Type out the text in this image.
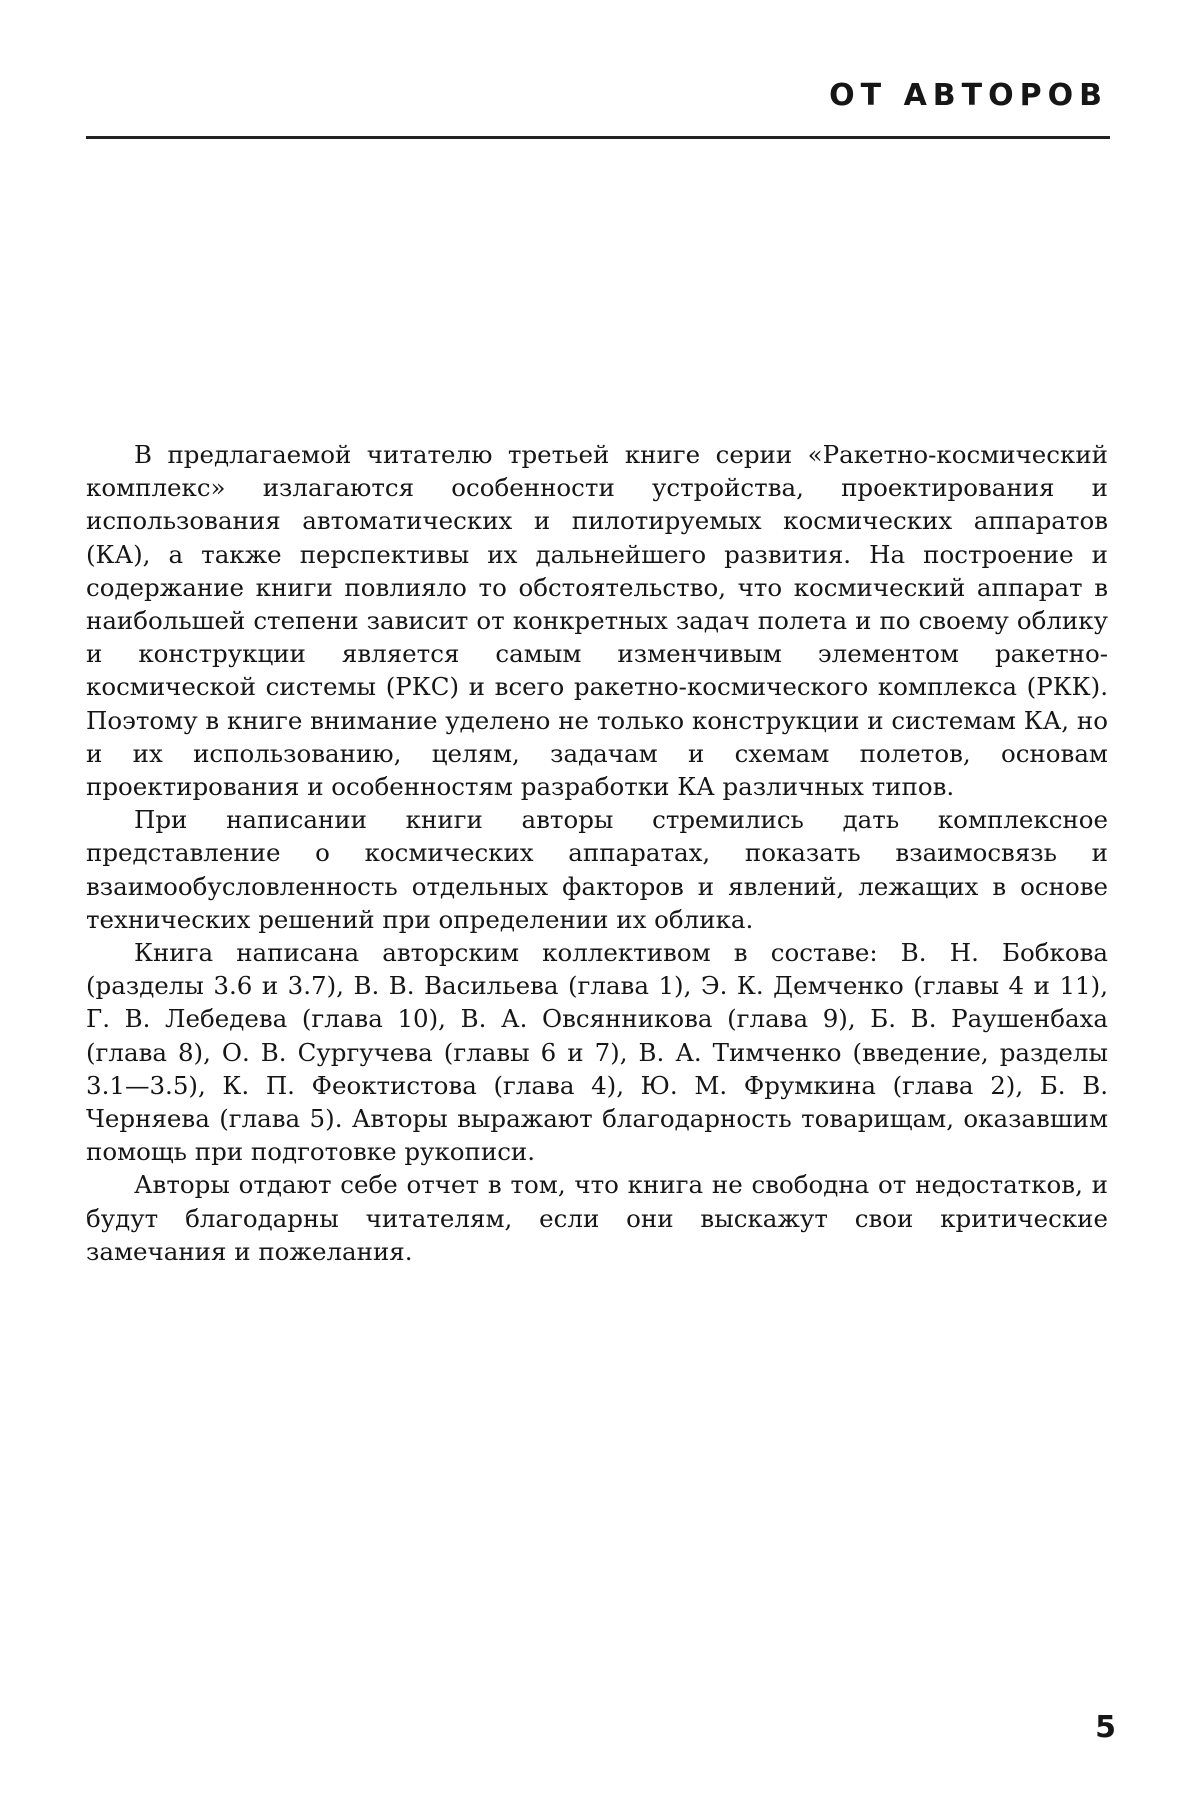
ОТ АВТОРОВ

В предлагаемой читателю третьей книге серии «Ракетно-космический комплекс» излагаются особенности устройства, проектирования и использования автоматических и пилотируемых космических аппаратов (КА), а также перспективы их дальнейшего развития. На построение и содержание книги повлияло то обстоятельство, что космический аппарат в наибольшей степени зависит от конкретных задач полета и по своему облику и конструкции является самым изменчивым элементом ракетно-космической системы (РКС) и всего ракетно-космического комплекса (РКК). Поэтому в книге внимание уделено не только конструкции и системам КА, но и их использованию, целям, задачам и схемам полетов, основам проектирования и особенностям разработки КА различных типов.

При написании книги авторы стремились дать комплексное представление о космических аппаратах, показать взаимосвязь и взаимообусловленность отдельных факторов и явлений, лежащих в основе технических решений при определении их облика.

Книга написана авторским коллективом в составе: В. Н. Бобкова (разделы 3.6 и 3.7), В. В. Васильева (глава 1), Э. К. Демченко (главы 4 и 11), Г. В. Лебедева (глава 10), В. А. Овсянникова (глава 9), Б. В. Раушенбаха (глава 8), О. В. Сургучева (главы 6 и 7), В. А. Тимченко (введение, разделы 3.1—3.5), К. П. Феоктистова (глава 4), Ю. М. Фрумкина (глава 2), Б. В. Черняева (глава 5). Авторы выражают благодарность товарищам, оказавшим помощь при подготовке рукописи.

Авторы отдают себе отчет в том, что книга не свободна от недостатков, и будут благодарны читателям, если они выскажут свои критические замечания и пожелания.

5
